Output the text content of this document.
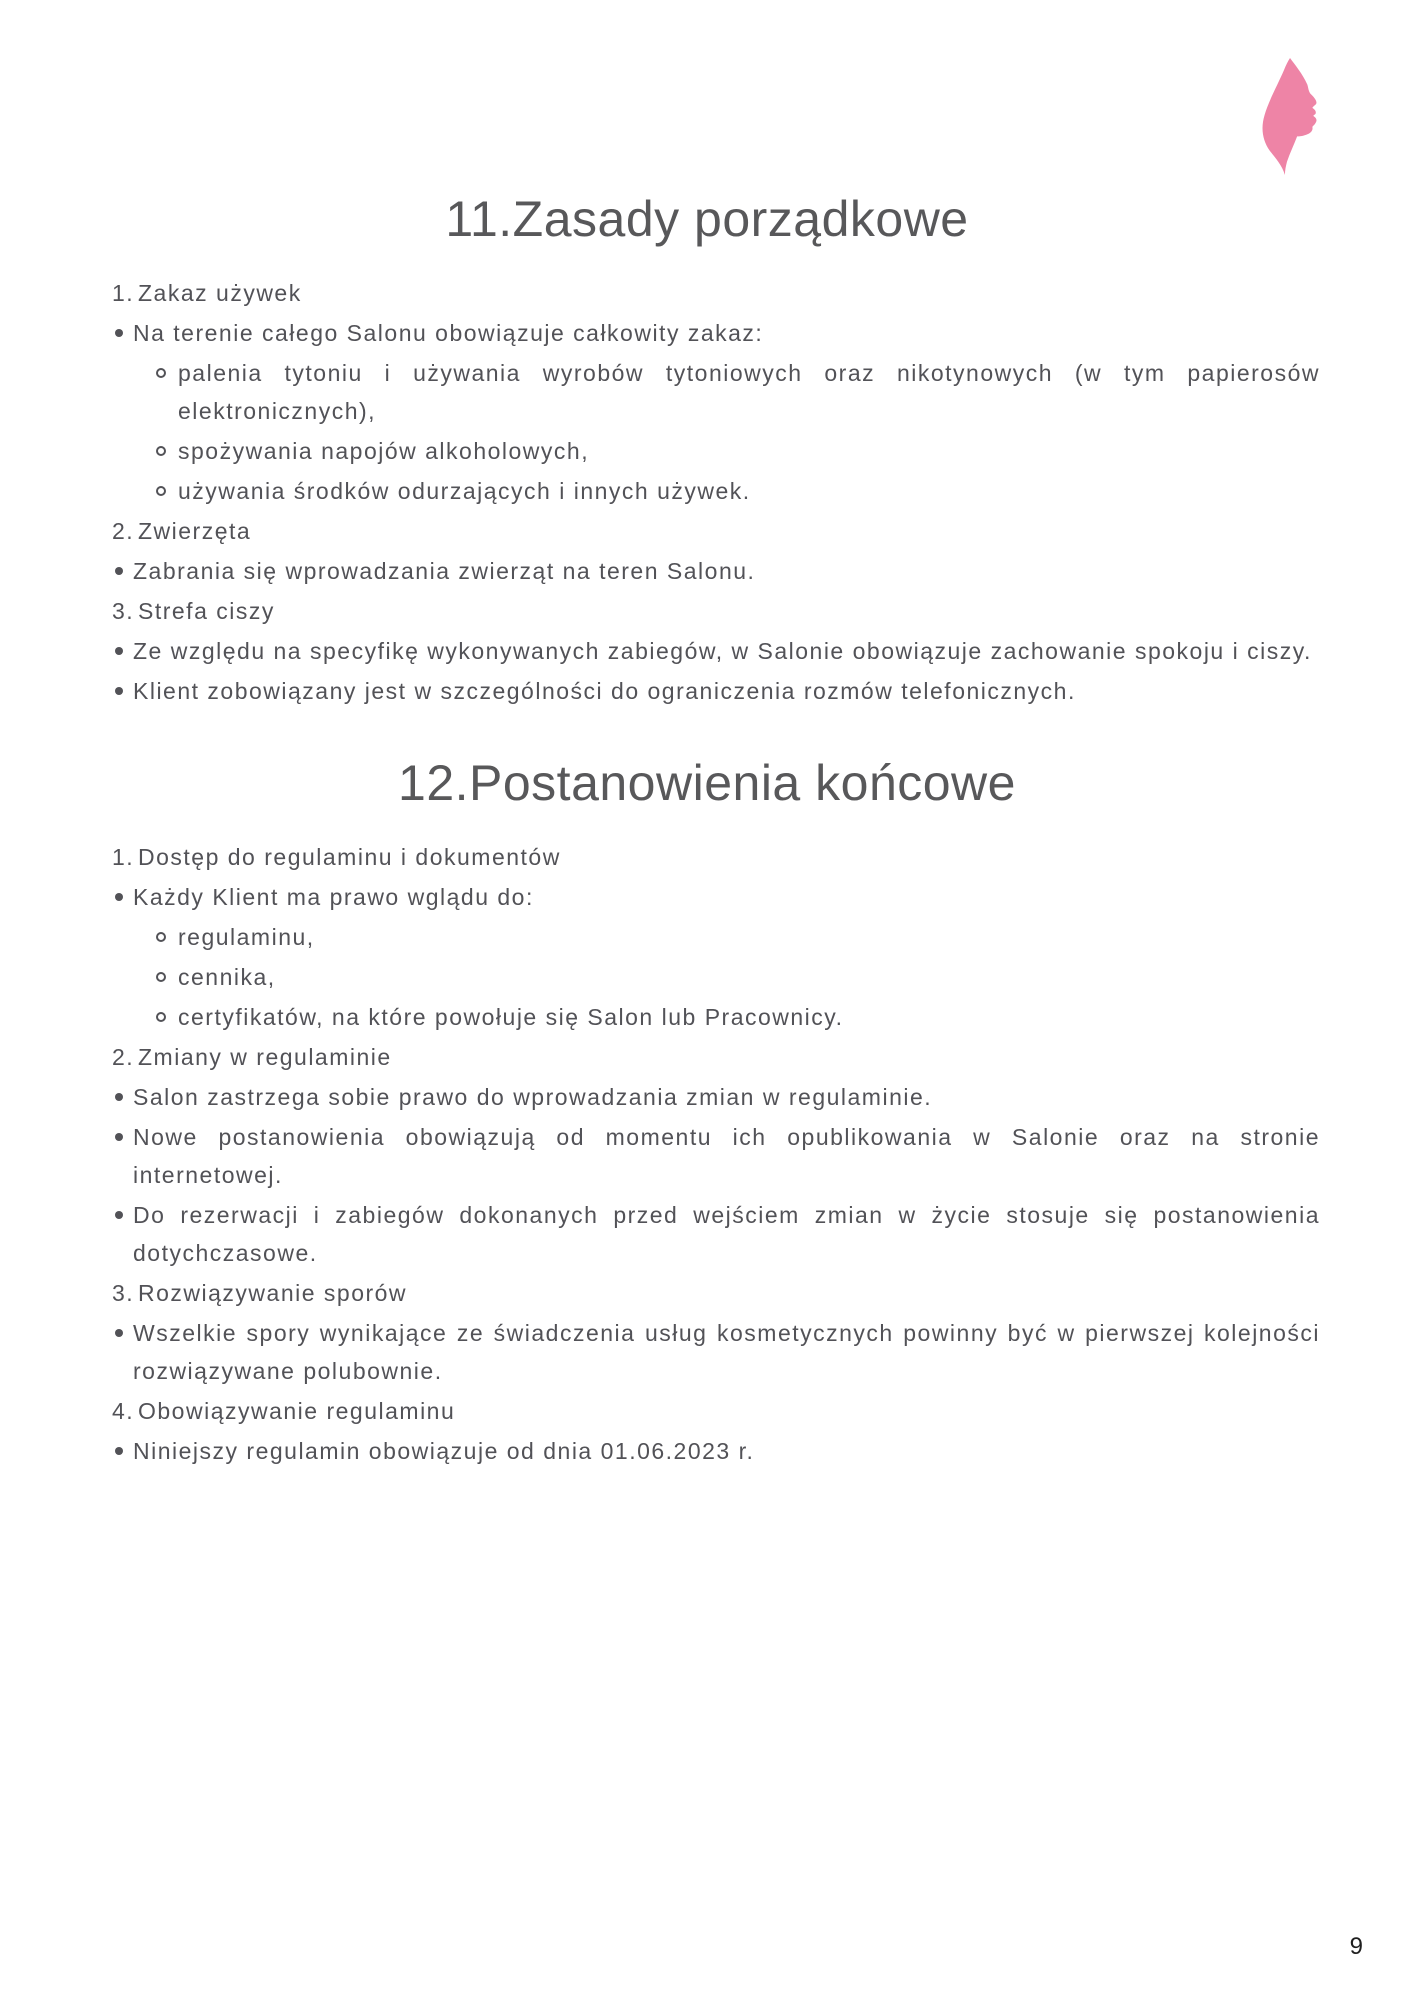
11.Zasady porządkowe
1. Zakaz używek
Na terenie całego Salonu obowiązuje całkowity zakaz:
palenia tytoniu i używania wyrobów tytoniowych oraz nikotynowych (w tym papierosów elektronicznych),
spożywania napojów alkoholowych,
używania środków odurzających i innych używek.
2. Zwierzęta
Zabrania się wprowadzania zwierząt na teren Salonu.
3. Strefa ciszy
Ze względu na specyfikę wykonywanych zabiegów, w Salonie obowiązuje zachowanie spokoju i ciszy.
Klient zobowiązany jest w szczególności do ograniczenia rozmów telefonicznych.
12.Postanowienia końcowe
1. Dostęp do regulaminu i dokumentów
Każdy Klient ma prawo wglądu do:
regulaminu,
cennika,
certyfikatów, na które powołuje się Salon lub Pracownicy.
2. Zmiany w regulaminie
Salon zastrzega sobie prawo do wprowadzania zmian w regulaminie.
Nowe postanowienia obowiązują od momentu ich opublikowania w Salonie oraz na stronie internetowej.
Do rezerwacji i zabiegów dokonanych przed wejściem zmian w życie stosuje się postanowienia dotychczasowe.
3. Rozwiązywanie sporów
Wszelkie spory wynikające ze świadczenia usług kosmetycznych powinny być w pierwszej kolejności rozwiązywane polubownie.
4. Obowiązywanie regulaminu
Niniejszy regulamin obowiązuje od dnia 01.06.2023 r.
9
